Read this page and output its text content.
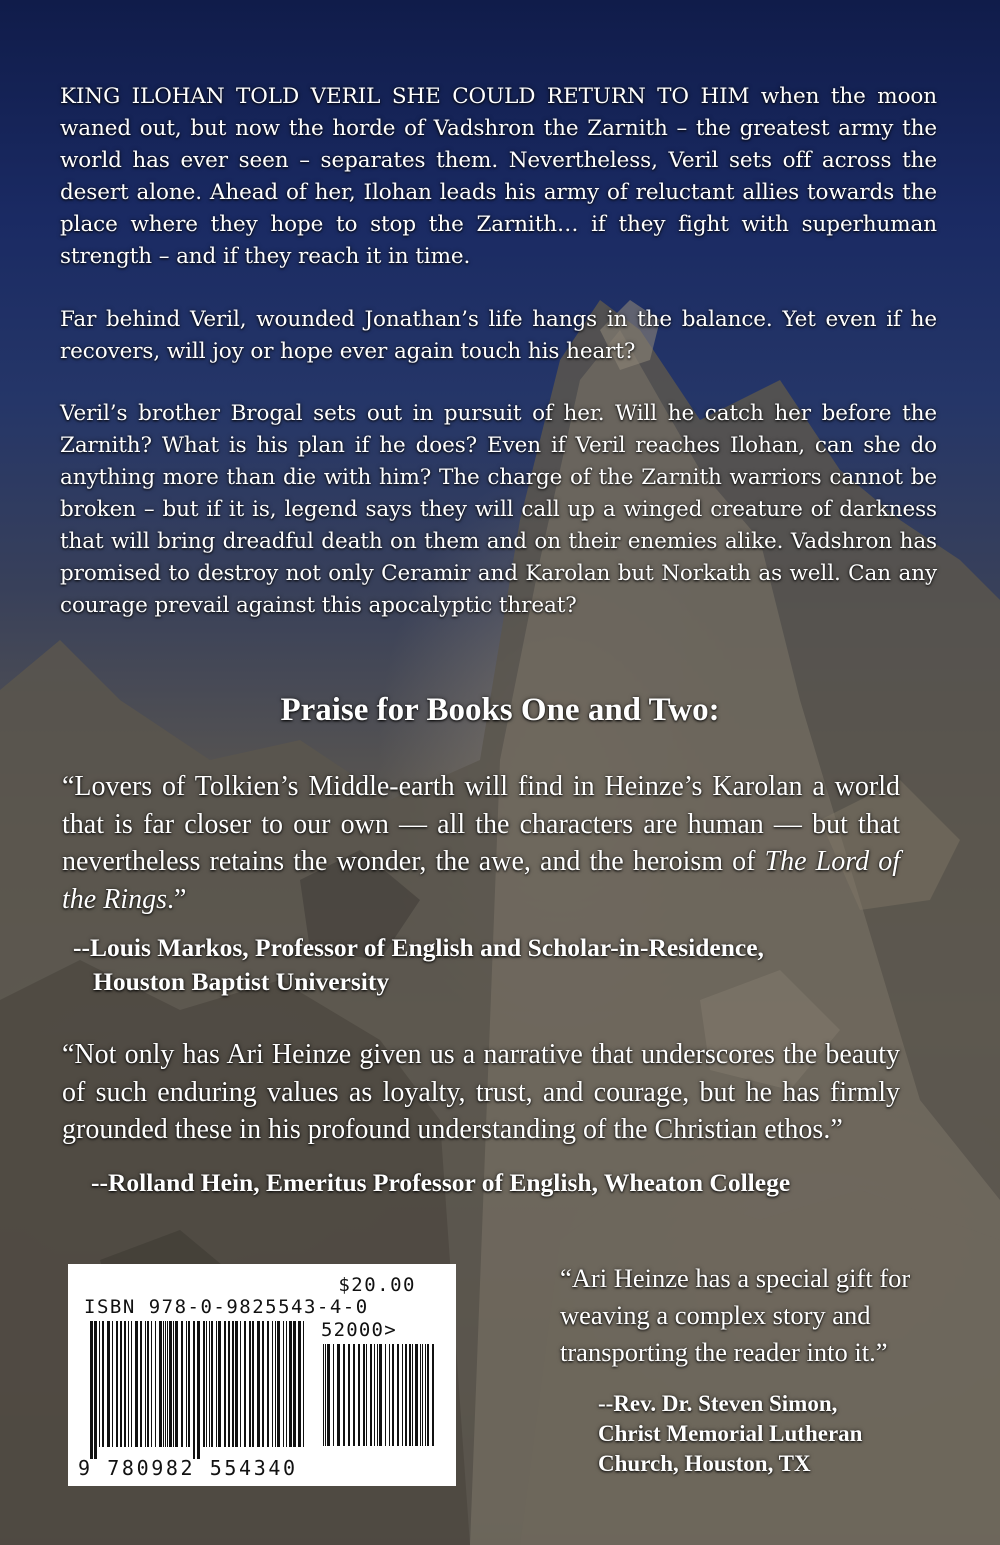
KING ILOHAN TOLD VERIL SHE COULD RETURN TO HIM when the moon waned out, but now the horde of Vadshron the Zarnith – the greatest army the world has ever seen – separates them. Nevertheless, Veril sets off across the desert alone. Ahead of her, Ilohan leads his army of reluctant allies towards the place where they hope to stop the Zarnith… if they fight with superhuman strength – and if they reach it in time.

Far behind Veril, wounded Jonathan’s life hangs in the balance. Yet even if he recovers, will joy or hope ever again touch his heart?

Veril’s brother Brogal sets out in pursuit of her. Will he catch her before the Zarnith? What is his plan if he does? Even if Veril reaches Ilohan, can she do anything more than die with him? The charge of the Zarnith warriors cannot be broken – but if it is, legend says they will call up a winged creature of darkness that will bring dreadful death on them and on their enemies alike. Vadshron has promised to destroy not only Ceramir and Karolan but Norkath as well. Can any courage prevail against this apocalyptic threat?

Praise for Books One and Two:

“Lovers of Tolkien’s Middle-earth will find in Heinze’s Karolan a world that is far closer to our own — all the characters are human — but that nevertheless retains the wonder, the awe, and the heroism of The Lord of the Rings.”

--Louis Markos, Professor of English and Scholar-in-Residence,
Houston Baptist University

“Not only has Ari Heinze given us a narrative that underscores the beauty of such enduring values as loyalty, trust, and courage, but he has firmly grounded these in his profound understanding of the Christian ethos.”

--Rolland Hein, Emeritus Professor of English, Wheaton College

$20.00

ISBN 978-0-9825543-4-0

52000>

9 780982 554340

“Ari Heinze has a special gift for weaving a complex story and transporting the reader into it.”

--Rev. Dr. Steven Simon,
Christ Memorial Lutheran
Church, Houston, TX
